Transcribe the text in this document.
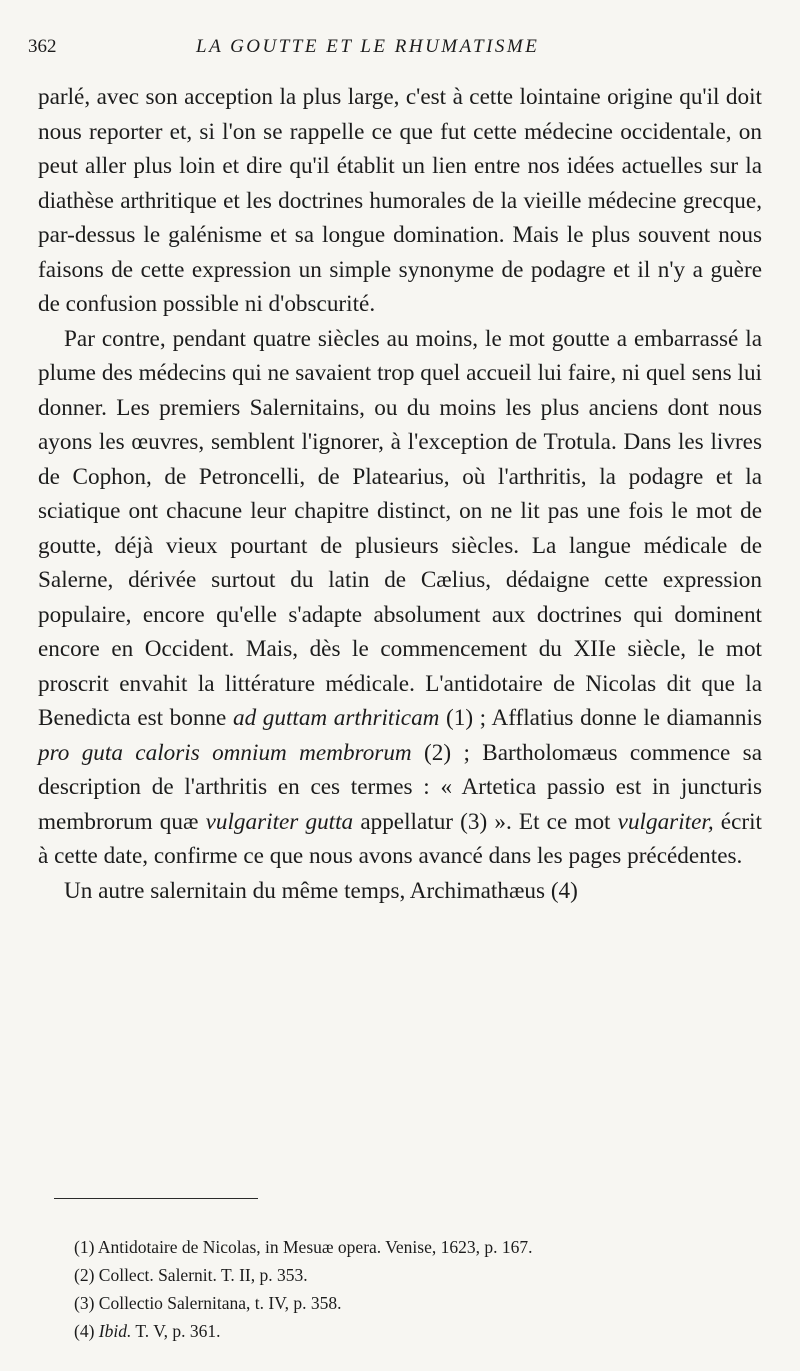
362	LA GOUTTE ET LE RHUMATISME

parlé, avec son acception la plus large, c'est à cette lointaine origine qu'il doit nous reporter et, si l'on se rappelle ce que fut cette médecine occidentale, on peut aller plus loin et dire qu'il établit un lien entre nos idées actuelles sur la diathèse arthritique et les doctrines humorales de la vieille médecine grecque, par-dessus le galénisme et sa longue domination. Mais le plus souvent nous faisons de cette expression un simple synonyme de podagre et il n'y a guère de confusion possible ni d'obscurité.

Par contre, pendant quatre siècles au moins, le mot goutte a embarrassé la plume des médecins qui ne savaient trop quel accueil lui faire, ni quel sens lui donner. Les premiers Salernitains, ou du moins les plus anciens dont nous ayons les œuvres, semblent l'ignorer, à l'exception de Trotula. Dans les livres de Cophon, de Petroncelli, de Platearius, où l'arthritis, la podagre et la sciatique ont chacune leur chapitre distinct, on ne lit pas une fois le mot de goutte, déjà vieux pourtant de plusieurs siècles. La langue médicale de Salerne, dérivée surtout du latin de Cælius, dédaigne cette expression populaire, encore qu'elle s'adapte absolument aux doctrines qui dominent encore en Occident. Mais, dès le commencement du XIIe siècle, le mot proscrit envahit la littérature médicale. L'antidotaire de Nicolas dit que la Benedicta est bonne ad guttam arthriticam (1) ; Afflatius donne le diamannis pro guta caloris omnium membrorum (2) ; Bartholomæus commence sa description de l'arthritis en ces termes : « Artetica passio est in juncturis membrorum quæ vulgariter gutta appellatur (3) ». Et ce mot vulgariter, écrit à cette date, confirme ce que nous avons avancé dans les pages précédentes.

Un autre salernitain du même temps, Archimathæus (4)

(1) Antidotaire de Nicolas, in Mesuæ opera. Venise, 1623, p. 167.
(2) Collect. Salernit. T. II, p. 353.
(3) Collectio Salernitana, t. IV, p. 358.
(4) Ibid. T. V, p. 361.
